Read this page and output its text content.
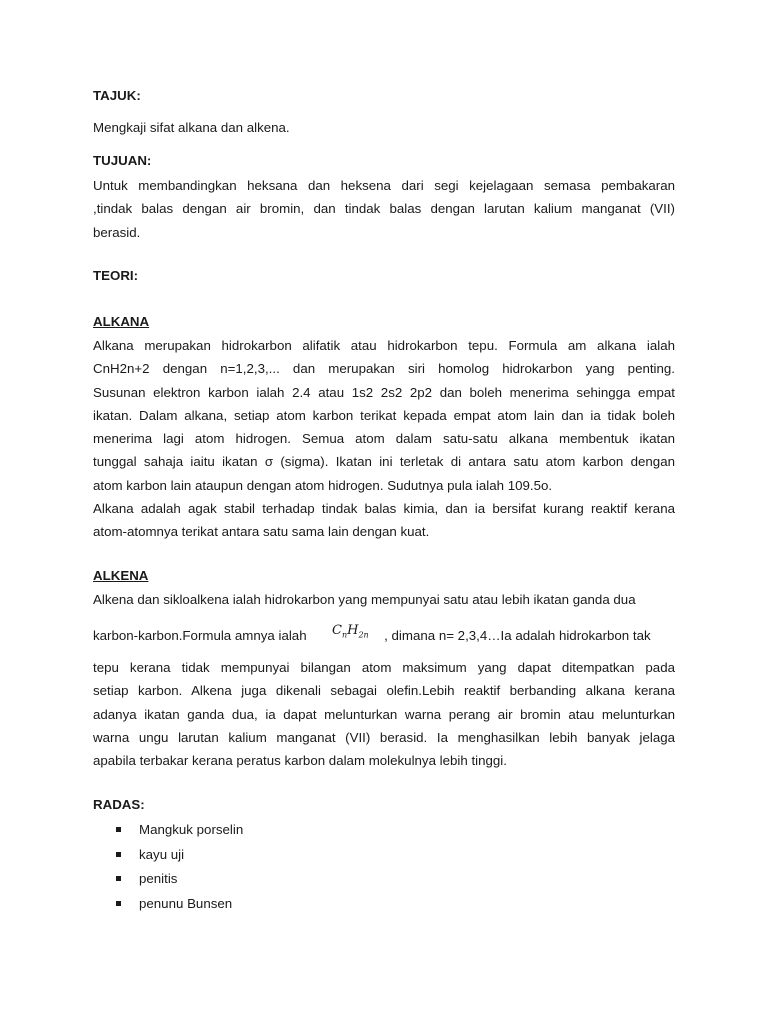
TAJUK:
Mengkaji sifat alkana dan alkena.
TUJUAN:
Untuk membandingkan heksana dan heksena dari segi kejelagaan semasa pembakaran
,tindak balas dengan air bromin, dan tindak balas dengan larutan kalium manganat (VII)
berasid.
TEORI:
ALKANA
Alkana merupakan hidrokarbon alifatik atau hidrokarbon tepu. Formula am alkana ialah
CnH2n+2 dengan n=1,2,3,... dan merupakan siri homolog hidrokarbon yang penting.
Susunan elektron karbon ialah 2.4 atau 1s2 2s2 2p2 dan boleh menerima sehingga empat
ikatan. Dalam alkana, setiap atom karbon terikat kepada empat atom lain dan ia tidak boleh
menerima lagi atom hidrogen. Semua atom dalam satu-satu alkana membentuk ikatan
tunggal sahaja iaitu ikatan σ (sigma). Ikatan ini terletak di antara satu atom karbon dengan
atom karbon lain ataupun dengan atom hidrogen. Sudutnya pula ialah 109.5o.
Alkana adalah agak stabil terhadap tindak balas kimia, dan ia bersifat kurang reaktif kerana
atom-atomnya terikat antara satu sama lain dengan kuat.
ALKENA
Alkena dan sikloalkena ialah hidrokarbon yang mempunyai satu atau lebih ikatan ganda dua
karbon-karbon.Formula amnya ialah $C_nH_{2n}$ , dimana n= 2,3,4…Ia adalah hidrokarbon tak
tepu kerana tidak mempunyai bilangan atom maksimum yang dapat ditempatkan pada
setiap karbon. Alkena juga dikenali sebagai olefin.Lebih reaktif berbanding alkana kerana
adanya ikatan ganda dua, ia dapat melunturkan warna perang air bromin atau melunturkan
warna ungu larutan kalium manganat (VII) berasid. Ia menghasilkan lebih banyak jelaga
apabila terbakar kerana peratus karbon dalam molekulnya lebih tinggi.
RADAS:
Mangkuk porselin
kayu uji
penitis
penunu Bunsen
